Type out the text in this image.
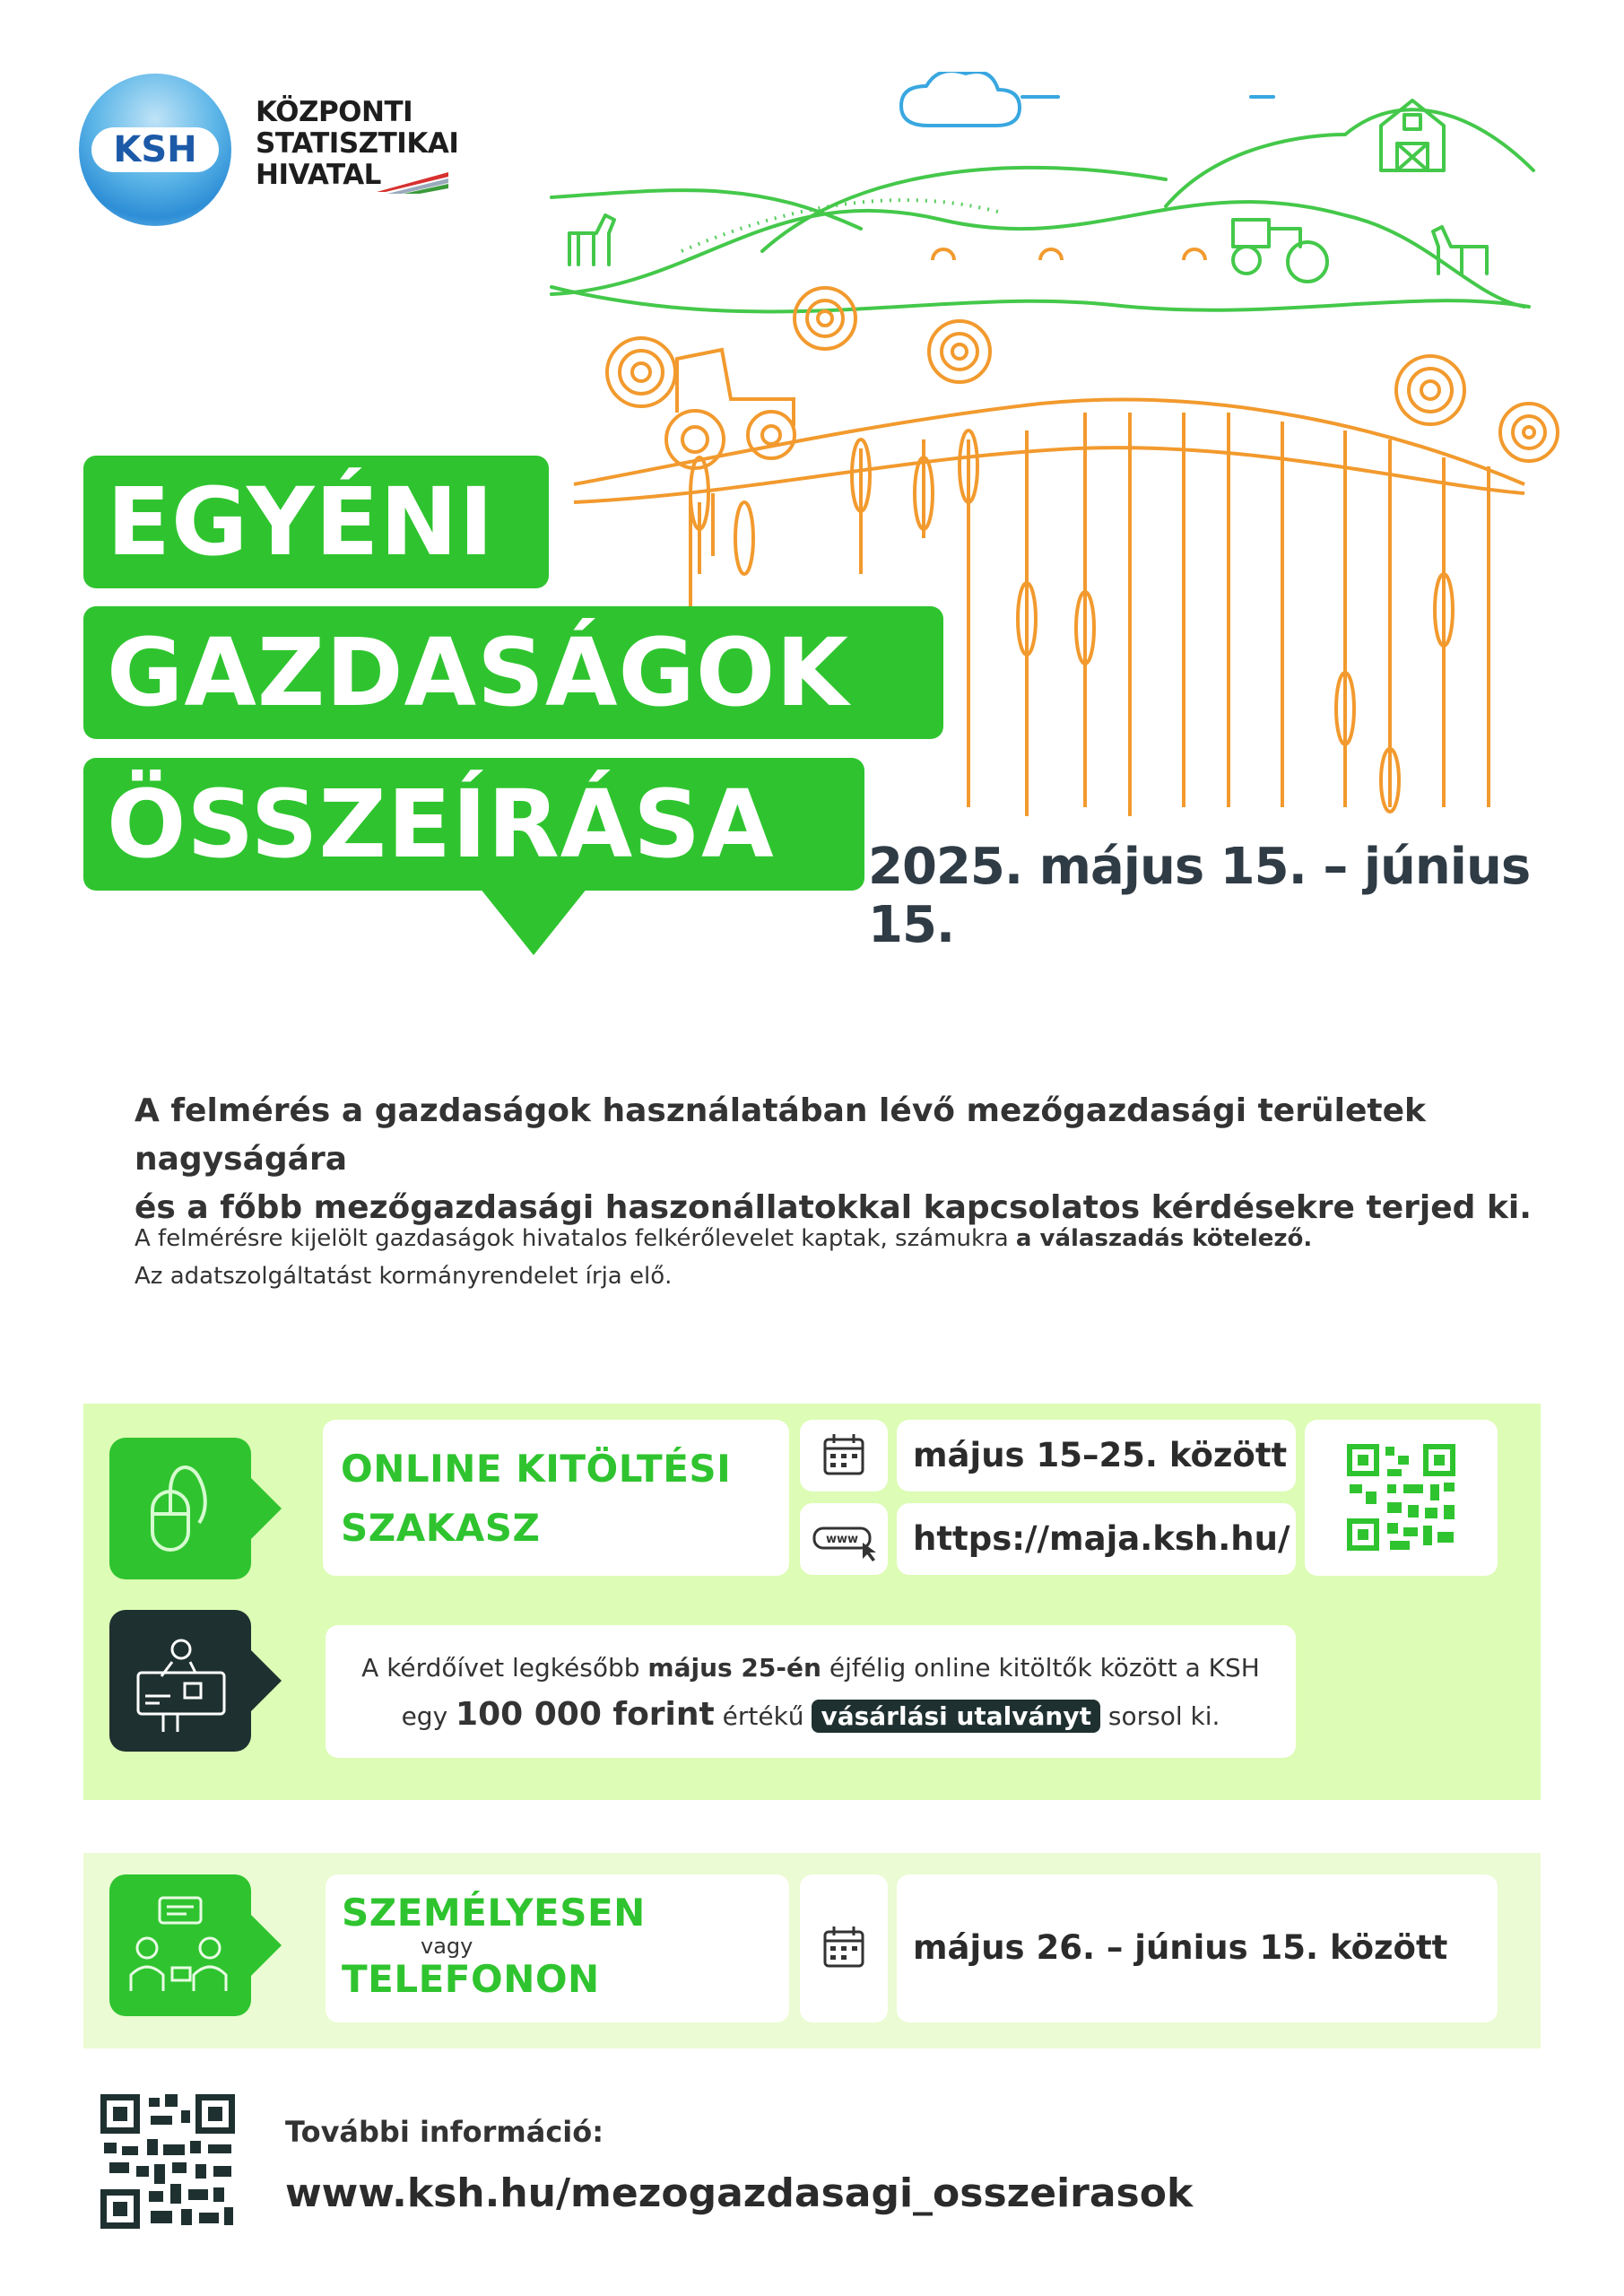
KSH
KÖZPONTI
STATISZTIKAI
HIVATAL
EGYÉNI
GAZDASÁGOK
ÖSSZEÍRÁSA	2025. május 15. – június 15.
A felmérés a gazdaságok használatában lévő mezőgazdasági területek nagyságára
és a főbb mezőgazdasági haszonállatokkal kapcsolatos kérdésekre terjed ki.
A felmérésre kijelölt gazdaságok hivatalos felkérőlevelet kaptak, számukra a válaszadás kötelező.
Az adatszolgáltatást kormányrendelet írja elő.
ONLINE KITÖLTÉSI
SZAKASZ
május 15–25. között
www https://maja.ksh.hu/
A kérdőívet legkésőbb május 25-én éjfélig online kitöltők között a KSH
egy 100 000 forint értékű vásárlási utalványt sorsol ki.
SZEMÉLYESEN
vagy
TELEFONON
május 26. – június 15. között
További információ:
www.ksh.hu/mezogazdasagi_osszeirasok
